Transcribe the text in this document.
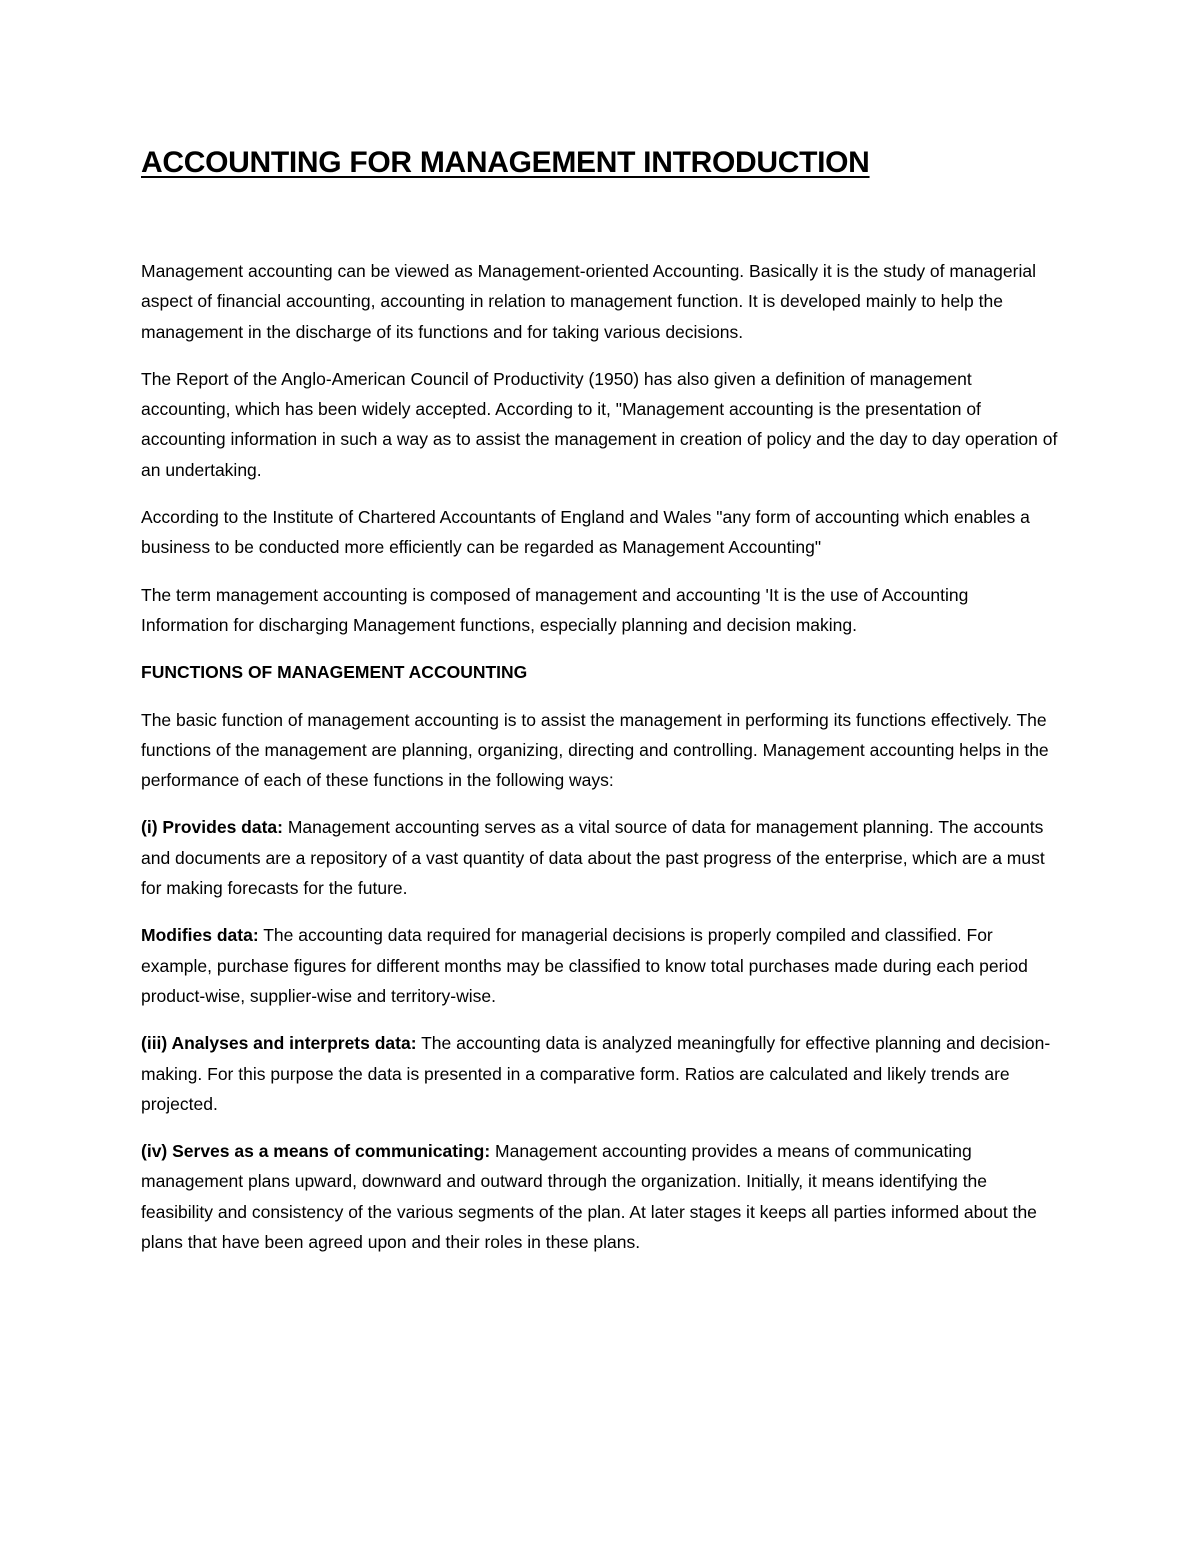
ACCOUNTING FOR MANAGEMENT INTRODUCTION

Management accounting can be viewed as Management-oriented Accounting. Basically it is the study of managerial aspect of financial accounting, accounting in relation to management function. It is developed mainly to help the management in the discharge of its functions and for taking various decisions.

The Report of the Anglo-American Council of Productivity (1950) has also given a definition of management accounting, which has been widely accepted. According to it, "Management accounting is the presentation of accounting information in such a way as to assist the management in creation of policy and the day to day operation of an undertaking.

According to the Institute of Chartered Accountants of England and Wales "any form of accounting which enables a business to be conducted more efficiently can be regarded as Management Accounting"

The term management accounting is composed of management and accounting 'It is the use of Accounting Information for discharging Management functions, especially planning and decision making.

FUNCTIONS OF MANAGEMENT ACCOUNTING

The basic function of management accounting is to assist the management in performing its functions effectively. The functions of the management are planning, organizing, directing and controlling. Management accounting helps in the performance of each of these functions in the following ways:

(i) Provides data: Management accounting serves as a vital source of data for management planning. The accounts and documents are a repository of a vast quantity of data about the past progress of the enterprise, which are a must for making forecasts for the future.

Modifies data: The accounting data required for managerial decisions is properly compiled and classified. For example, purchase figures for different months may be classified to know total purchases made during each period product-wise, supplier-wise and territory-wise.

(iii) Analyses and interprets data: The accounting data is analyzed meaningfully for effective planning and decision-making. For this purpose the data is presented in a comparative form. Ratios are calculated and likely trends are projected.

(iv) Serves as a means of communicating: Management accounting provides a means of communicating management plans upward, downward and outward through the organization. Initially, it means identifying the feasibility and consistency of the various segments of the plan. At later stages it keeps all parties informed about the plans that have been agreed upon and their roles in these plans.
